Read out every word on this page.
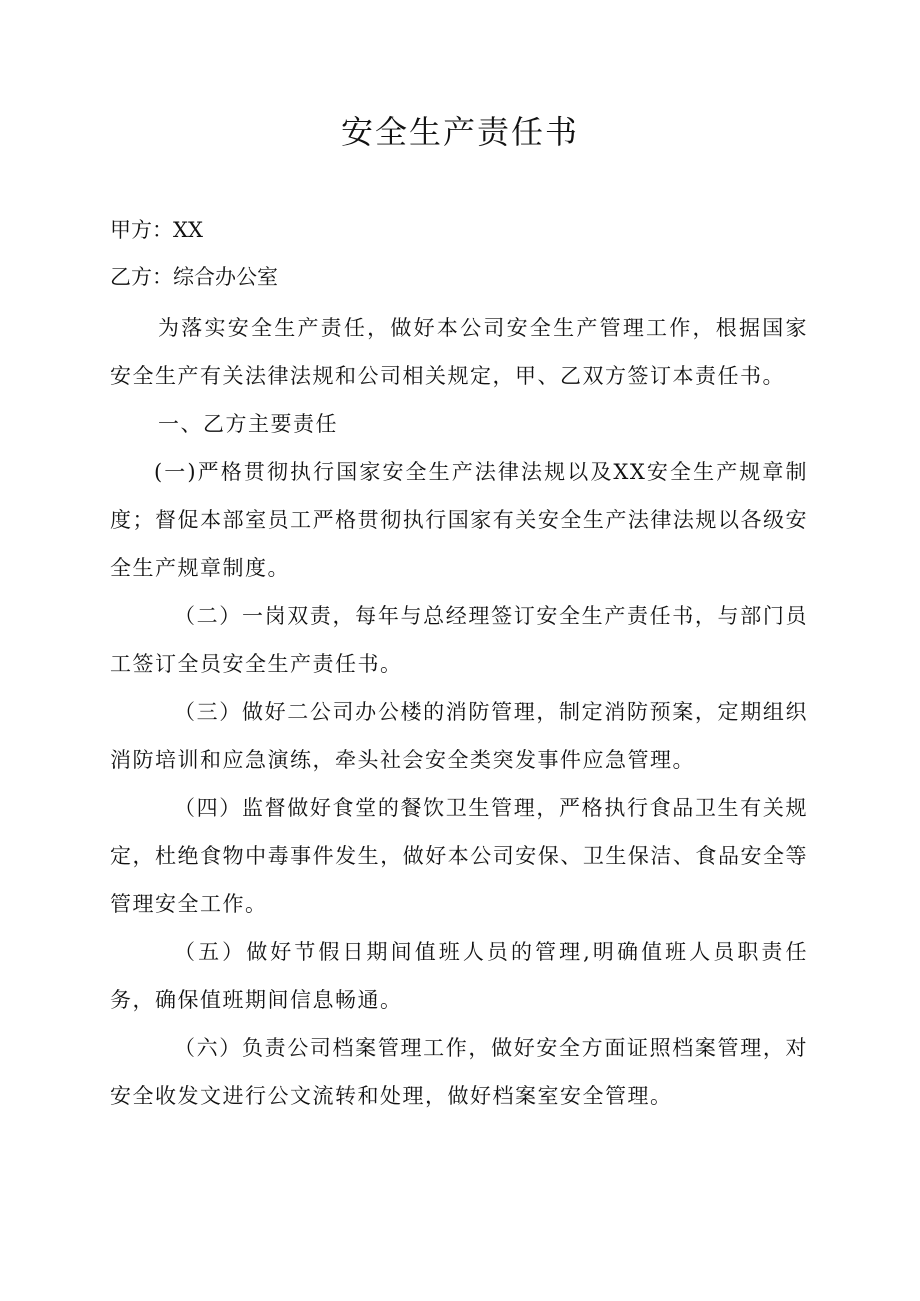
安全生产责任书
甲方：XX
乙方：综合办公室
为落实安全生产责任，做好本公司安全生产管理工作，根据国家安全生产有关法律法规和公司相关规定，甲、乙双方签订本责任书。
一、乙方主要责任
(一)严格贯彻执行国家安全生产法律法规以及XX安全生产规章制度；督促本部室员工严格贯彻执行国家有关安全生产法律法规以各级安全生产规章制度。
（二）一岗双责，每年与总经理签订安全生产责任书，与部门员工签订全员安全生产责任书。
（三）做好二公司办公楼的消防管理，制定消防预案，定期组织消防培训和应急演练，牵头社会安全类突发事件应急管理。
（四）监督做好食堂的餐饮卫生管理，严格执行食品卫生有关规定，杜绝食物中毒事件发生，做好本公司安保、卫生保洁、食品安全等管理安全工作。
（五）做好节假日期间值班人员的管理,明确值班人员职责任务，确保值班期间信息畅通。
（六）负责公司档案管理工作，做好安全方面证照档案管理，对安全收发文进行公文流转和处理，做好档案室安全管理。
